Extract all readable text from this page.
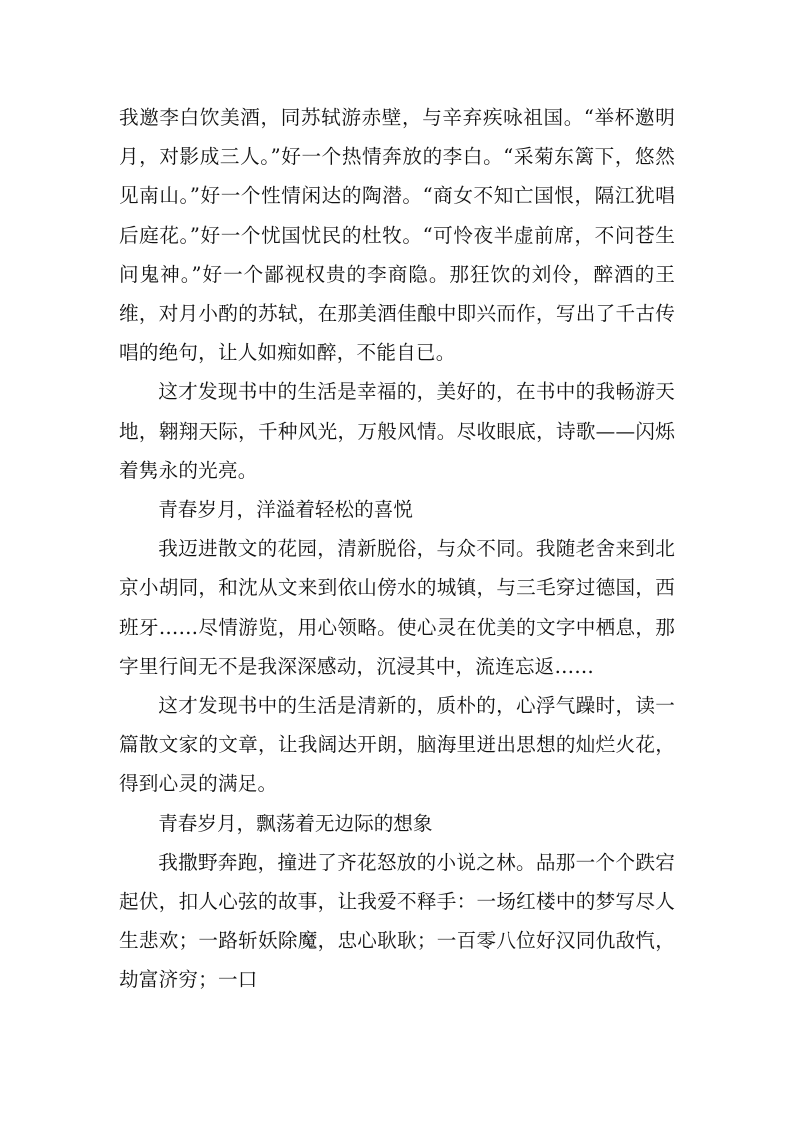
我邀李白饮美酒，同苏轼游赤壁，与辛弃疾咏祖国。“举杯邀明月，对影成三人。”好一个热情奔放的李白。“采菊东篱下，悠然见南山。”好一个性情闲达的陶潜。“商女不知亡国恨，隔江犹唱后庭花。”好一个忧国忧民的杜牧。“可怜夜半虚前席，不问苍生问鬼神。”好一个鄙视权贵的李商隐。那狂饮的刘伶，醉酒的王维，对月小酌的苏轼，在那美酒佳酿中即兴而作，写出了千古传唱的绝句，让人如痴如醉，不能自已。

这才发现书中的生活是幸福的，美好的，在书中的我畅游天地，翱翔天际，千种风光，万般风情。尽收眼底，诗歌——闪烁着隽永的光亮。

青春岁月，洋溢着轻松的喜悦

我迈进散文的花园，清新脱俗，与众不同。我随老舍来到北京小胡同，和沈从文来到依山傍水的城镇，与三毛穿过德国，西班牙……尽情游览，用心领略。使心灵在优美的文字中栖息，那字里行间无不是我深深感动，沉浸其中，流连忘返……

这才发现书中的生活是清新的，质朴的，心浮气躁时，读一篇散文家的文章，让我阔达开朗，脑海里迸出思想的灿烂火花，得到心灵的满足。

青春岁月，飘荡着无边际的想象

我撒野奔跑，撞进了齐花怒放的小说之林。品那一个个跌宕起伏，扣人心弦的故事，让我爱不释手：一场红楼中的梦写尽人生悲欢；一路斩妖除魔，忠心耿耿；一百零八位好汉同仇敌忾，劫富济穷；一口
